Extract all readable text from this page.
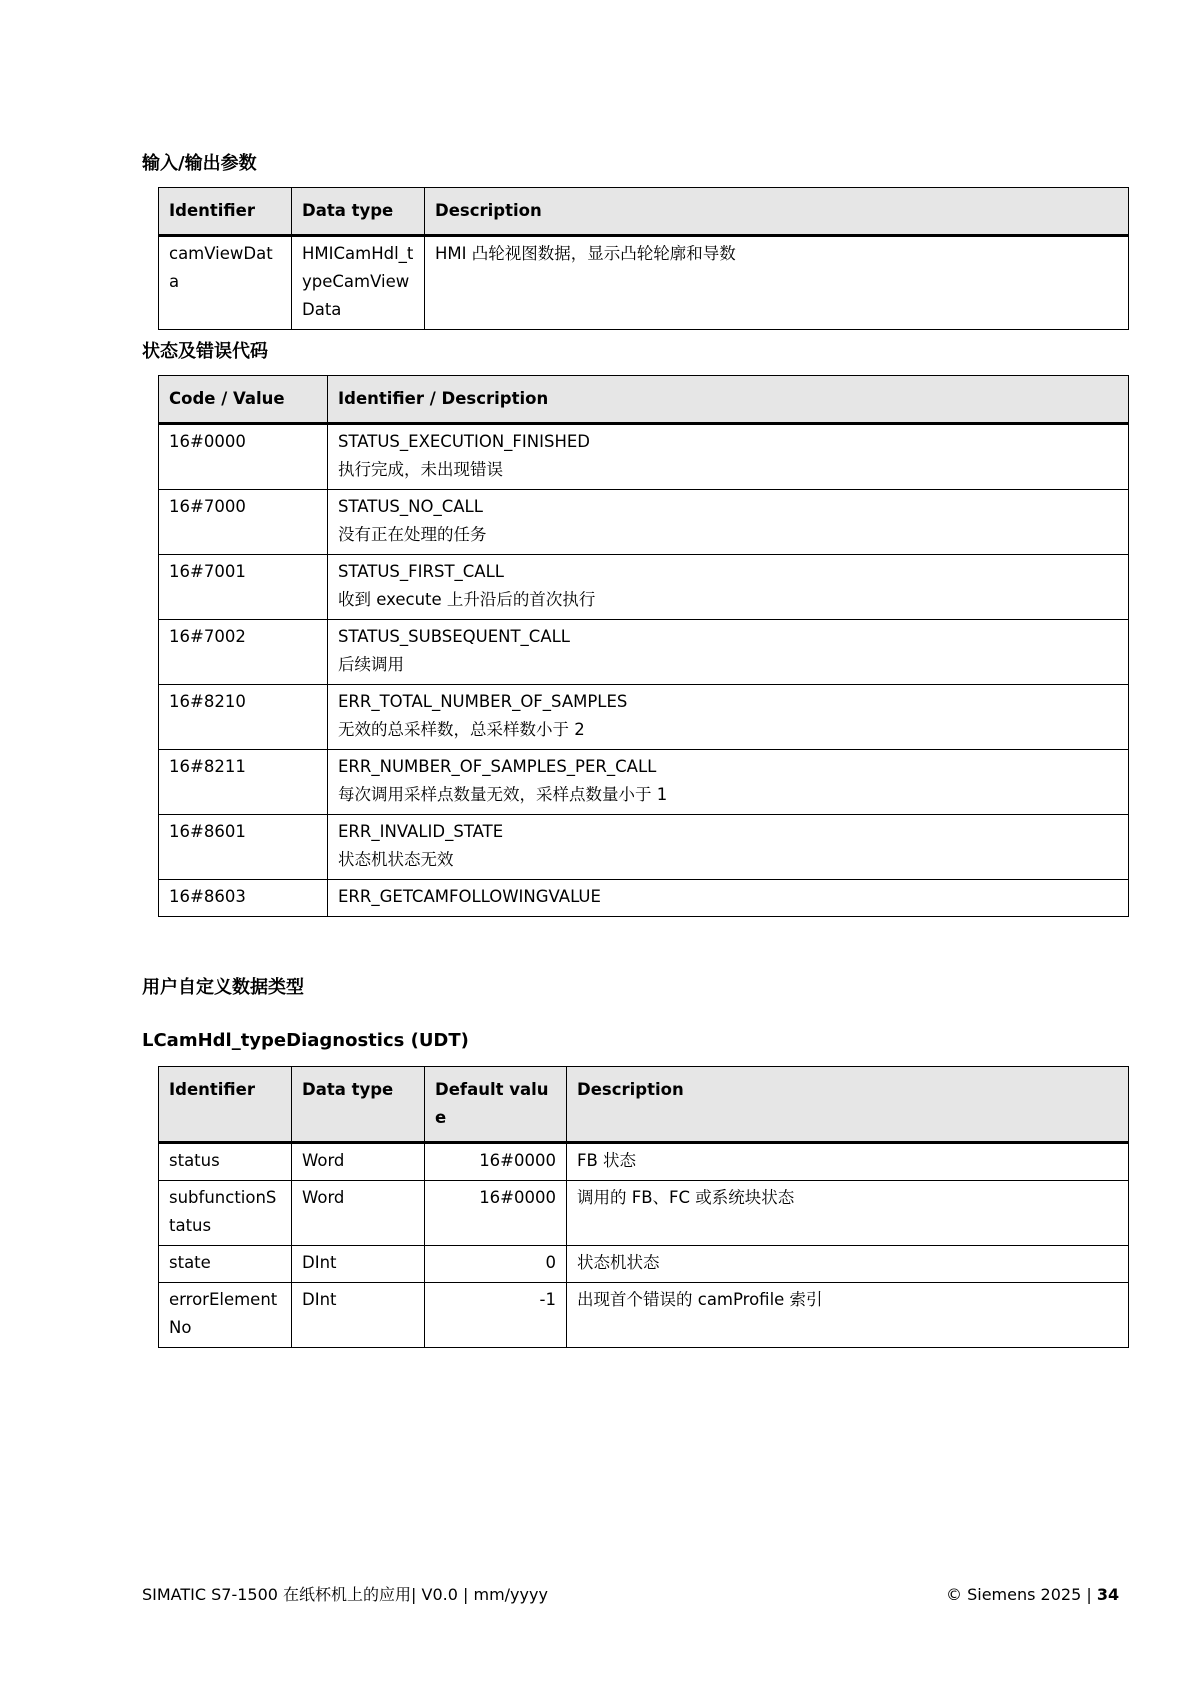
输入/输出参数
Identifier	Data type	Description
camViewData	HMICamHdl_typeCamViewData	HMI 凸轮视图数据，显示凸轮轮廓和导数
状态及错误代码
Code / Value	Identifier / Description
16#0000	STATUS_EXECUTION_FINISHED
执行完成，未出现错误

16#7000	STATUS_NO_CALL
没有正在处理的任务

16#7001	STATUS_FIRST_CALL
收到 execute 上升沿后的首次执行

16#7002	STATUS_SUBSEQUENT_CALL
后续调用

16#8210	ERR_TOTAL_NUMBER_OF_SAMPLES
无效的总采样数，总采样数小于 2

16#8211	ERR_NUMBER_OF_SAMPLES_PER_CALL
每次调用采样点数量无效，采样点数量小于 1

16#8601	ERR_INVALID_STATE
状态机状态无效

16#8603	ERR_GETCAMFOLLOWINGVALUE
用户自定义数据类型
LCamHdl_typeDiagnostics (UDT)
Identifier	Data type	Default value	Description
status	Word	16#0000	FB 状态
subfunctionStatus	Word	16#0000	调用的 FB、FC 或系统块状态
state	DInt	0	状态机状态
errorElementNo	DInt	-1	出现首个错误的 camProfile 索引
SIMATIC S7-1500 在纸杯机上的应用| V0.0 | mm/yyyy	© Siemens 2025 | 34
